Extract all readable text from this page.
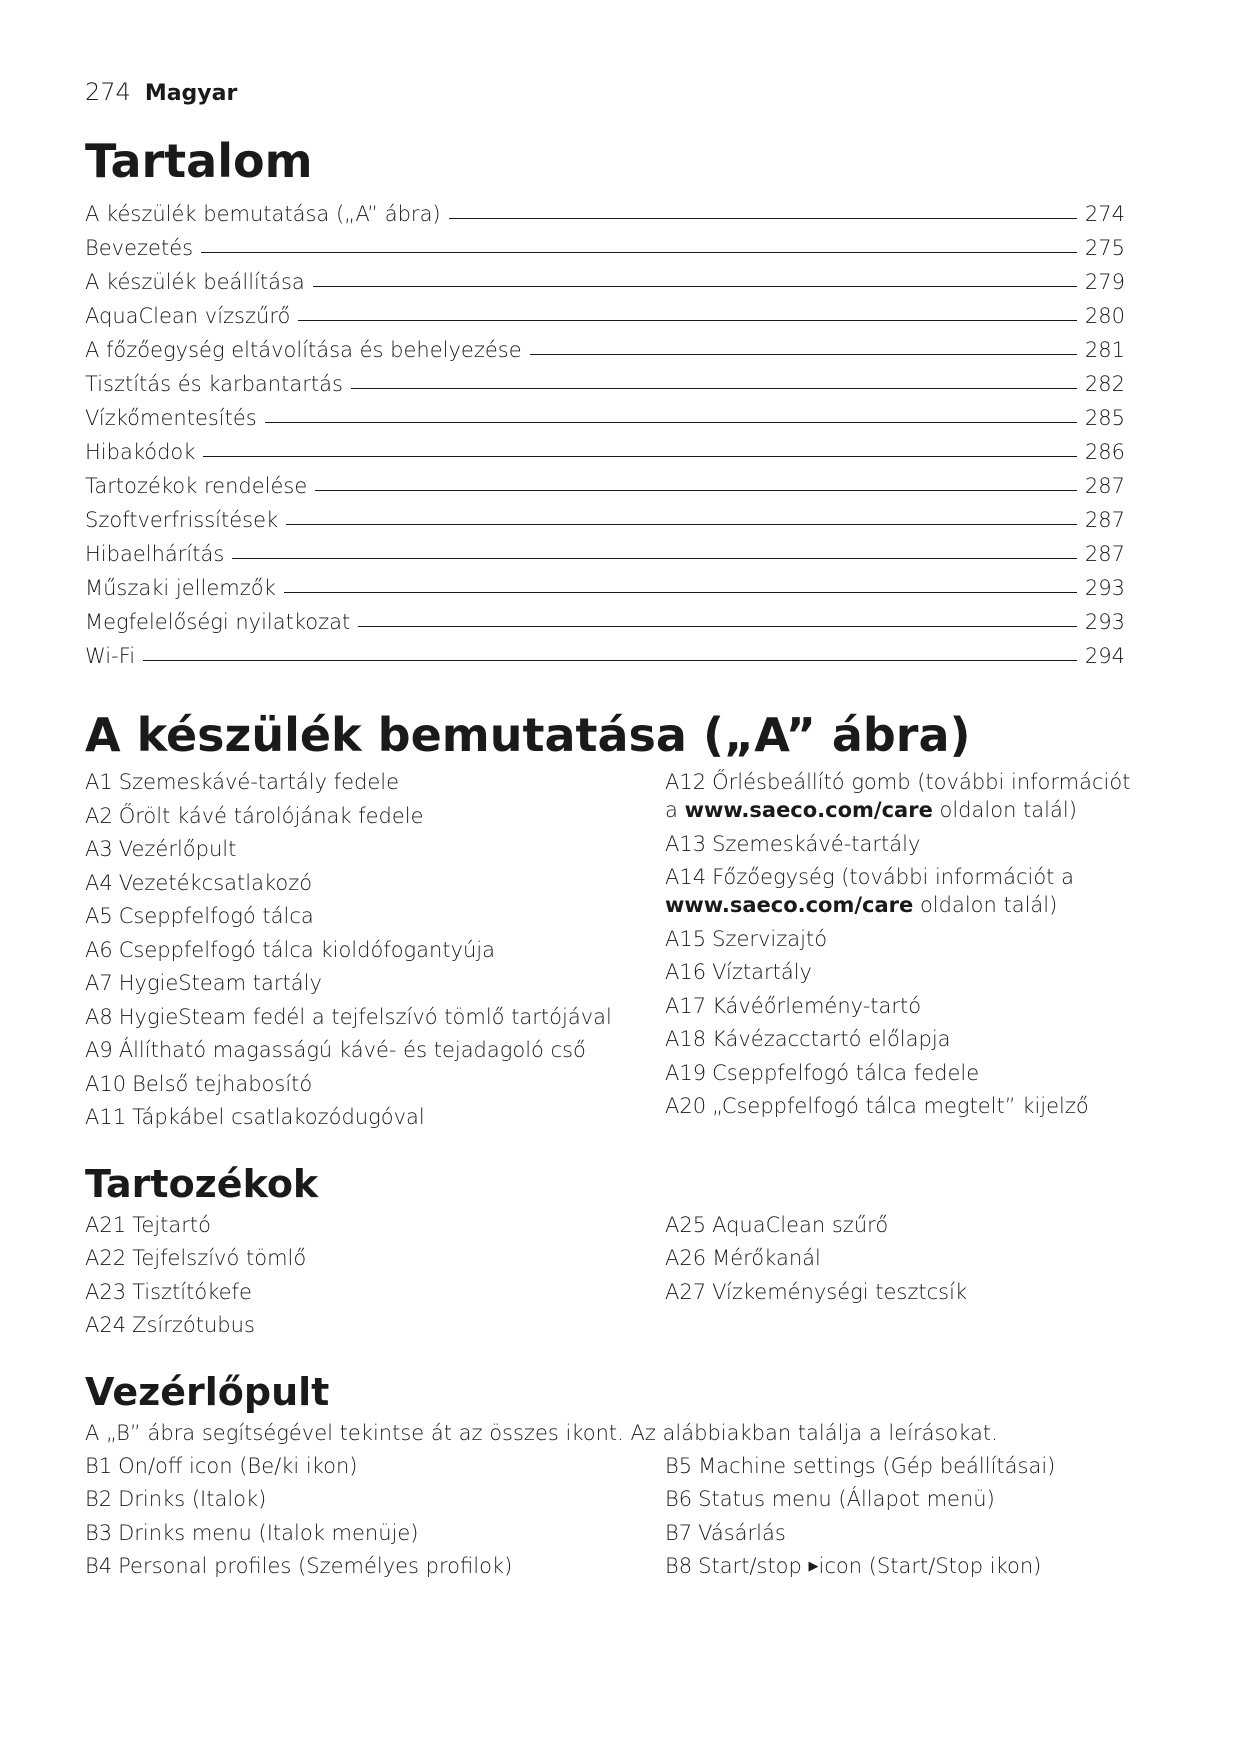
274 Magyar
Tartalom
A készülék bemutatása („A” ábra)	274
Bevezetés	275
A készülék beállítása	279
AquaClean vízszűrő	280
A főzőegység eltávolítása és behelyezése	281
Tisztítás és karbantartás	282
Vízkőmentesítés	285
Hibakódok	286
Tartozékok rendelése	287
Szoftverfrissítések	287
Hibaelhárítás	287
Műszaki jellemzők	293
Megfelelőségi nyilatkozat	293
Wi-Fi	294
A készülék bemutatása („A” ábra)
A1 Szemeskávé-tartály fedele
A2 Őrölt kávé tárolójának fedele
A3 Vezérlőpult
A4 Vezetékcsatlakozó
A5 Cseppfelfogó tálca
A6 Cseppfelfogó tálca kioldófogantyúja
A7 HygieSteam tartály
A8 HygieSteam fedél a tejfelszívó tömlő tartójával
A9 Állítható magasságú kávé- és tejadagoló cső
A10 Belső tejhabosító
A11 Tápkábel csatlakozódugóval
A12 Őrlésbeállító gomb (további információt a www.saeco.com/care oldalon talál)
A13 Szemeskávé-tartály
A14 Főzőegység (további információt a www.saeco.com/care oldalon talál)
A15 Szervizajtó
A16 Víztartály
A17 Kávéőrlemény-tartó
A18 Kávézacctartó előlapja
A19 Cseppfelfogó tálca fedele
A20 „Cseppfelfogó tálca megtelt” kijelző
Tartozékok
A21 Tejtartó
A22 Tejfelszívó tömlő
A23 Tisztítókefe
A24 Zsírzótubus
A25 AquaClean szűrő
A26 Mérőkanál
A27 Vízkeménységi tesztcsík
Vezérlőpult
A „B” ábra segítségével tekintse át az összes ikont. Az alábbiakban találja a leírásokat.
B1 On/off icon (Be/ki ikon)
B2 Drinks (Italok)
B3 Drinks menu (Italok menüje)
B4 Personal profiles (Személyes profilok)
B5 Machine settings (Gép beállításai)
B6 Status menu (Állapot menü)
B7 Vásárlás
B8 Start/stop ▶icon (Start/Stop ikon)
